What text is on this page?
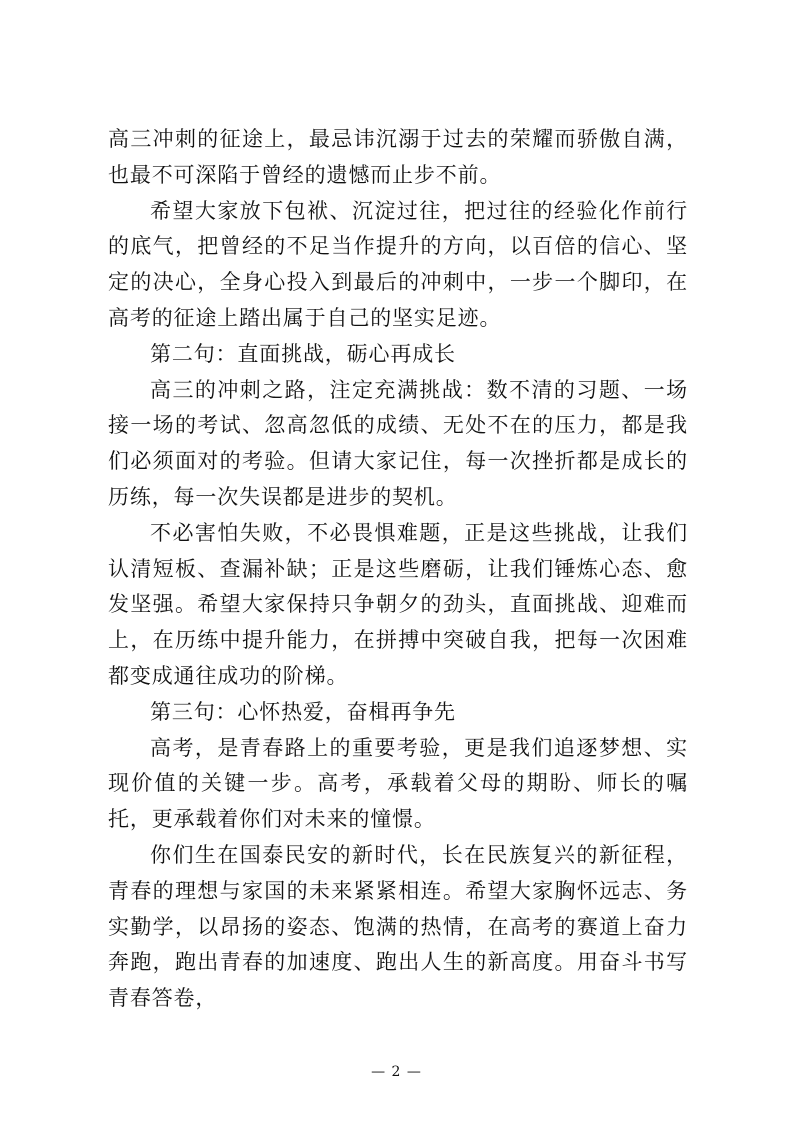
高三冲刺的征途上，最忌讳沉溺于过去的荣耀而骄傲自满，也最不可深陷于曾经的遗憾而止步不前。

希望大家放下包袱、沉淀过往，把过往的经验化作前行的底气，把曾经的不足当作提升的方向，以百倍的信心、坚定的决心，全身心投入到最后的冲刺中，一步一个脚印，在高考的征途上踏出属于自己的坚实足迹。

第二句：直面挑战，砺心再成长

高三的冲刺之路，注定充满挑战：数不清的习题、一场接一场的考试、忽高忽低的成绩、无处不在的压力，都是我们必须面对的考验。但请大家记住，每一次挫折都是成长的历练，每一次失误都是进步的契机。

不必害怕失败，不必畏惧难题，正是这些挑战，让我们认清短板、查漏补缺；正是这些磨砺，让我们锤炼心态、愈发坚强。希望大家保持只争朝夕的劲头，直面挑战、迎难而上，在历练中提升能力，在拼搏中突破自我，把每一次困难都变成通往成功的阶梯。

第三句：心怀热爱，奋楫再争先

高考，是青春路上的重要考验，更是我们追逐梦想、实现价值的关键一步。高考，承载着父母的期盼、师长的嘱托，更承载着你们对未来的憧憬。

你们生在国泰民安的新时代，长在民族复兴的新征程，青春的理想与家国的未来紧紧相连。希望大家胸怀远志、务实勤学，以昂扬的姿态、饱满的热情，在高考的赛道上奋力奔跑，跑出青春的加速度、跑出人生的新高度。用奋斗书写青春答卷，

— 2 —
